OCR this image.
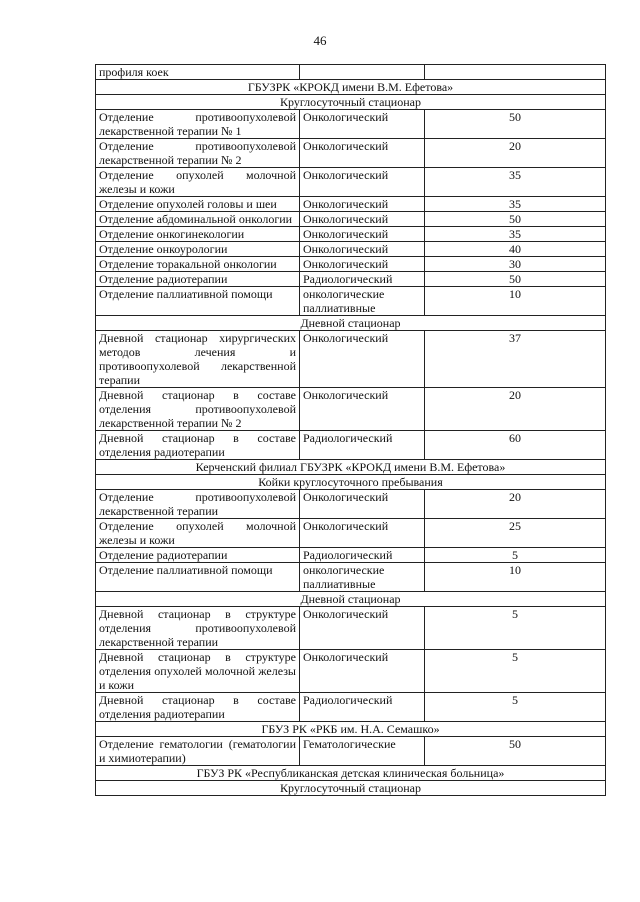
46
профиля коек		
ГБУЗРК «КРОКД имени В.М. Ефетова»		
Круглосуточный стационар		
Отделение противоопухолевой лекарственной терапии № 1	Онкологический	50
Отделение противоопухолевой лекарственной терапии № 2	Онкологический	20
Отделение опухолей молочной железы и кожи	Онкологический	35
Отделение опухолей головы и шеи	Онкологический	35
Отделение абдоминальной онкологии	Онкологический	50
Отделение онкогинекологии	Онкологический	35
Отделение онкоурологии	Онкологический	40
Отделение торакальной онкологии	Онкологический	30
Отделение радиотерапии	Радиологический	50
Отделение паллиативной помощи	онкологические паллиативные	10
Дневной стационар		
Дневной стационар хирургических методов лечения и противоопухолевой лекарственной терапии	Онкологический	37
Дневной стационар в составе отделения противоопухолевой лекарственной терапии № 2	Онкологический	20
Дневной стационар в составе отделения радиотерапии	Радиологический	60
Керченский филиал ГБУЗРК «КРОКД имени В.М. Ефетова»		
Койки круглосуточного пребывания		
Отделение противоопухолевой лекарственной терапии	Онкологический	20
Отделение опухолей молочной железы и кожи	Онкологический	25
Отделение радиотерапии	Радиологический	5
Отделение паллиативной помощи	онкологические паллиативные	10
Дневной стационар		
Дневной стационар в структуре отделения противоопухолевой лекарственной терапии	Онкологический	5
Дневной стационар в структуре отделения опухолей молочной железы и кожи	Онкологический	5
Дневной стационар в составе отделения радиотерапии	Радиологический	5
ГБУЗ РК «РКБ им. Н.А. Семашко»		
Отделение гематологии (гематологии и химиотерапии)	Гематологические	50
ГБУЗ РК «Республиканская детская клиническая больница»		
Круглосуточный стационар		
